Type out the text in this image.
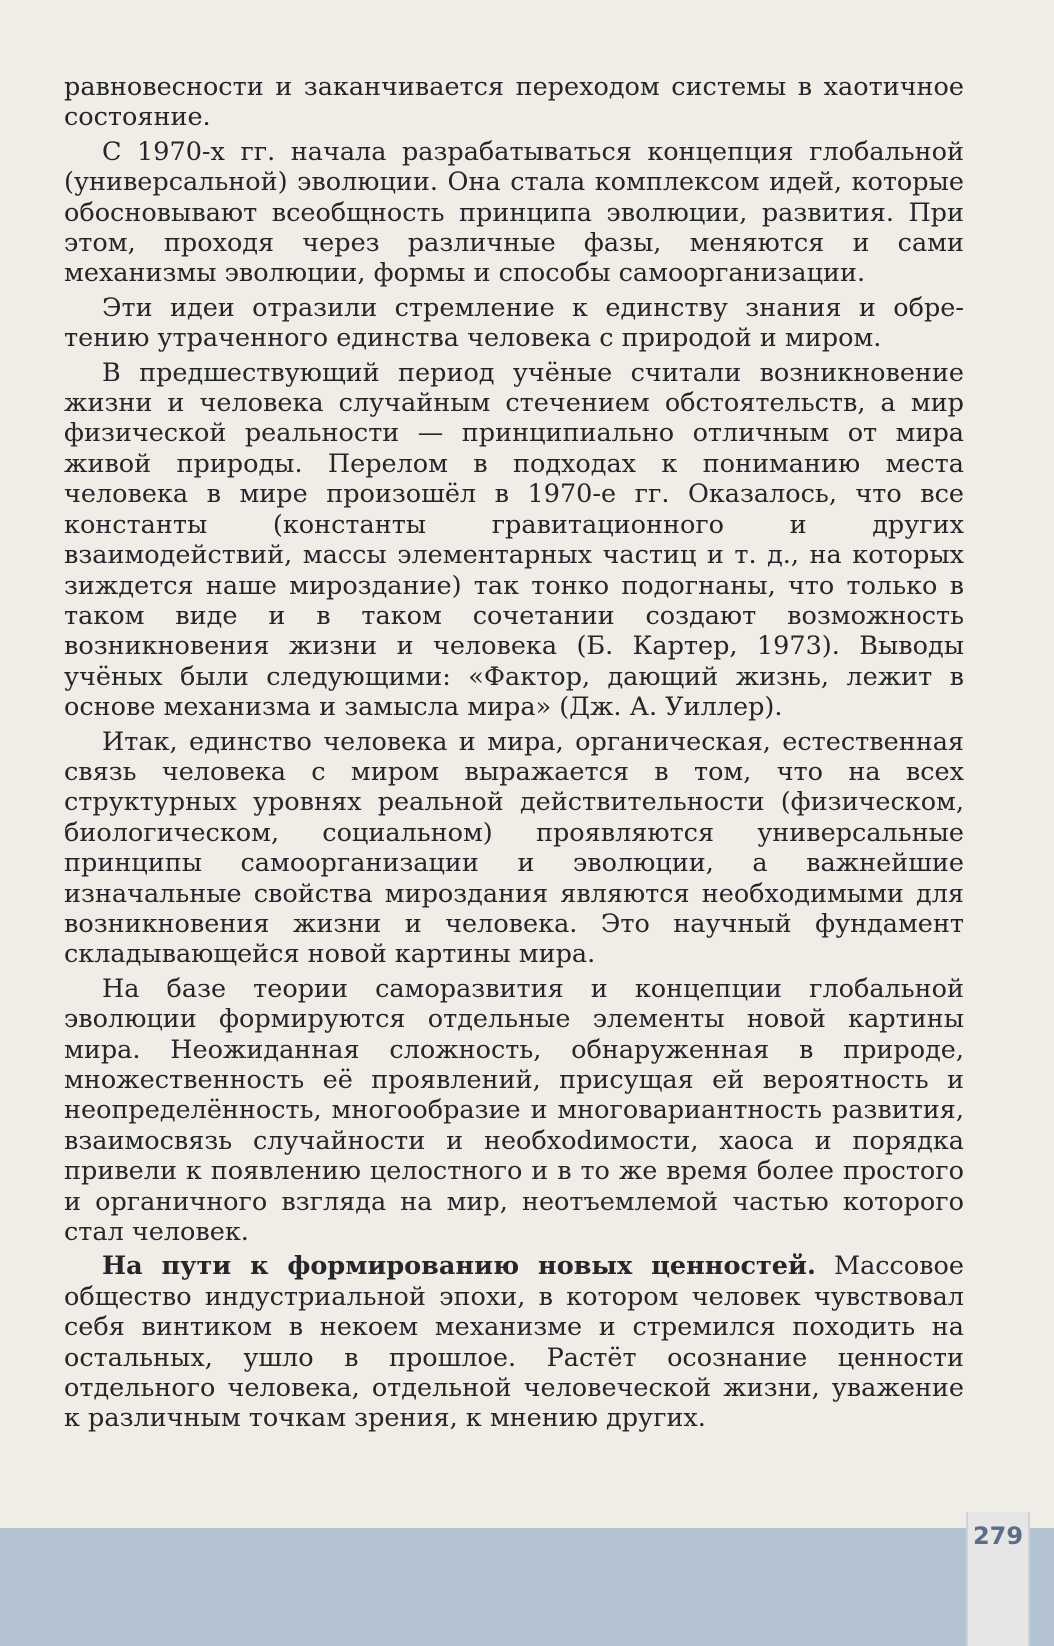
равновесности и заканчивается переходом системы в хаотичное состояние.

С 1970-х гг. начала разрабатываться концепция глобальной (универсальной) эволюции. Она стала комплексом идей, которые обосновывают всеобщность принципа эволюции, развития. При этом, проходя через различные фазы, меняются и сами механизмы эволюции, формы и способы самоорганизации.

Эти идеи отразили стремление к единству знания и обретению утраченного единства человека с природой и миром.

В предшествующий период учёные считали возникновение жизни и человека случайным стечением обстоятельств, а мир физической реальности — принципиально отличным от мира живой природы. Перелом в подходах к пониманию места человека в мире произошёл в 1970-е гг. Оказалось, что все константы (константы гравитационного и других взаимодействий, массы элементарных частиц и т. д., на которых зиждется наше мироздание) так тонко подогнаны, что только в таком виде и в таком сочетании создают возможность возникновения жизни и человека (Б. Картер, 1973). Выводы учёных были следующими: «Фактор, дающий жизнь, лежит в основе механизма и замысла мира» (Дж. А. Уиллер).

Итак, единство человека и мира, органическая, естественная связь человека с миром выражается в том, что на всех структурных уровнях реальной действительности (физическом, биологическом, социальном) проявляются универсальные принципы самоорганизации и эволюции, а важнейшие изначальные свойства мироздания являются необходимыми для возникновения жизни и человека. Это научный фундамент складывающейся новой картины мира.

На базе теории саморазвития и концепции глобальной эволюции формируются отдельные элементы новой картины мира. Неожиданная сложность, обнаруженная в природе, множественность её проявлений, присущая ей вероятность и неопределённость, многообразие и многовариантность развития, взаимосвязь случайности и необхоdимости, хаоса и порядка привели к появлению целостного и в то же время более простого и органичного взгляда на мир, неотъемлемой частью которого стал человек.

На пути к формированию новых ценностей. Массовое общество индустриальной эпохи, в котором человек чувствовал себя винтиком в некоем механизме и стремился походить на остальных, ушло в прошлое. Растёт осознание ценности отдельного человека, отдельной человеческой жизни, уважение к различным точкам зрения, к мнению других.

279
